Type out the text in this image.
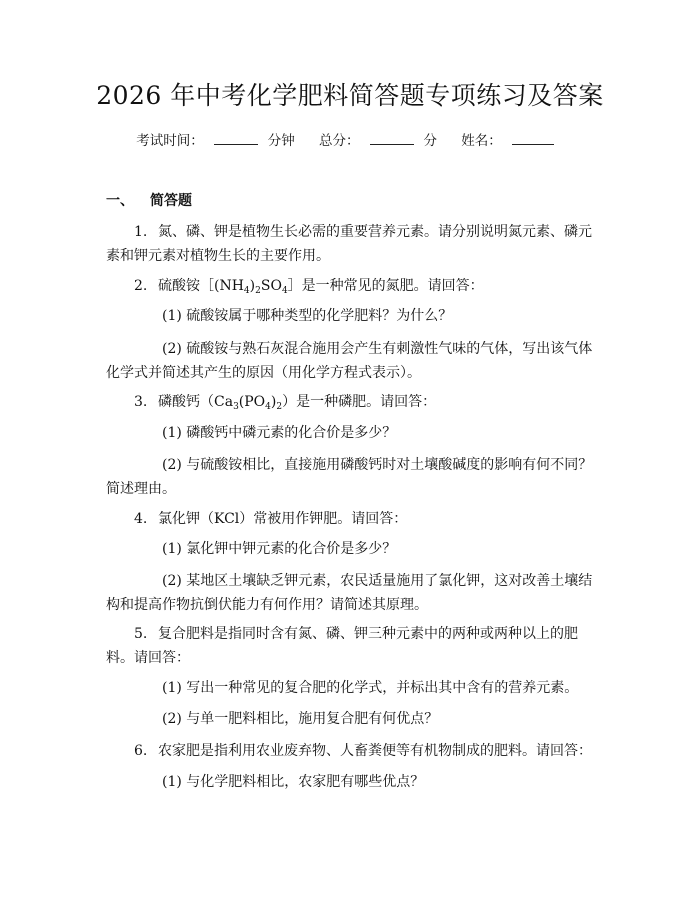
2026 年中考化学肥料简答题专项练习及答案
考试时间：	分钟 总分：	分 姓名：
一、 简答题

1. 氮、磷、钾是植物生长必需的重要营养元素。请分别说明氮元素、磷元素和钾元素对植物生长的主要作用。

2. 硫酸铵$[(NH_4)_2SO_4]$是一种常见的氮肥。请回答：

(1) 硫酸铵属于哪种类型的化学肥料？为什么？

(2) 硫酸铵与熟石灰混合施用会产生有刺激性气味的气体，写出该气体化学式并简述其产生的原因（用化学方程式表示）。

3. 磷酸钙$(Ca_3(PO_4)_2)$是一种磷肥。请回答：

(1) 磷酸钙中磷元素的化合价是多少？

(2) 与硫酸铵相比，直接施用磷酸钙时对土壤酸碱度的影响有何不同？简述理由。

4. 氯化钾（KCl）常被用作钾肥。请回答：

(1) 氯化钾中钾元素的化合价是多少？

(2) 某地区土壤缺乏钾元素，农民适量施用了氯化钾，这对改善土壤结构和提高作物抗倒伏能力有何作用？请简述其原理。

5. 复合肥料是指同时含有氮、磷、钾三种元素中的两种或两种以上的肥料。请回答：

(1) 写出一种常见的复合肥的化学式，并标出其中含有的营养元素。

(2) 与单一肥料相比，施用复合肥有何优点？

6. 农家肥是指利用农业废弃物、人畜粪便等有机物制成的肥料。请回答：

(1) 与化学肥料相比，农家肥有哪些优点？
